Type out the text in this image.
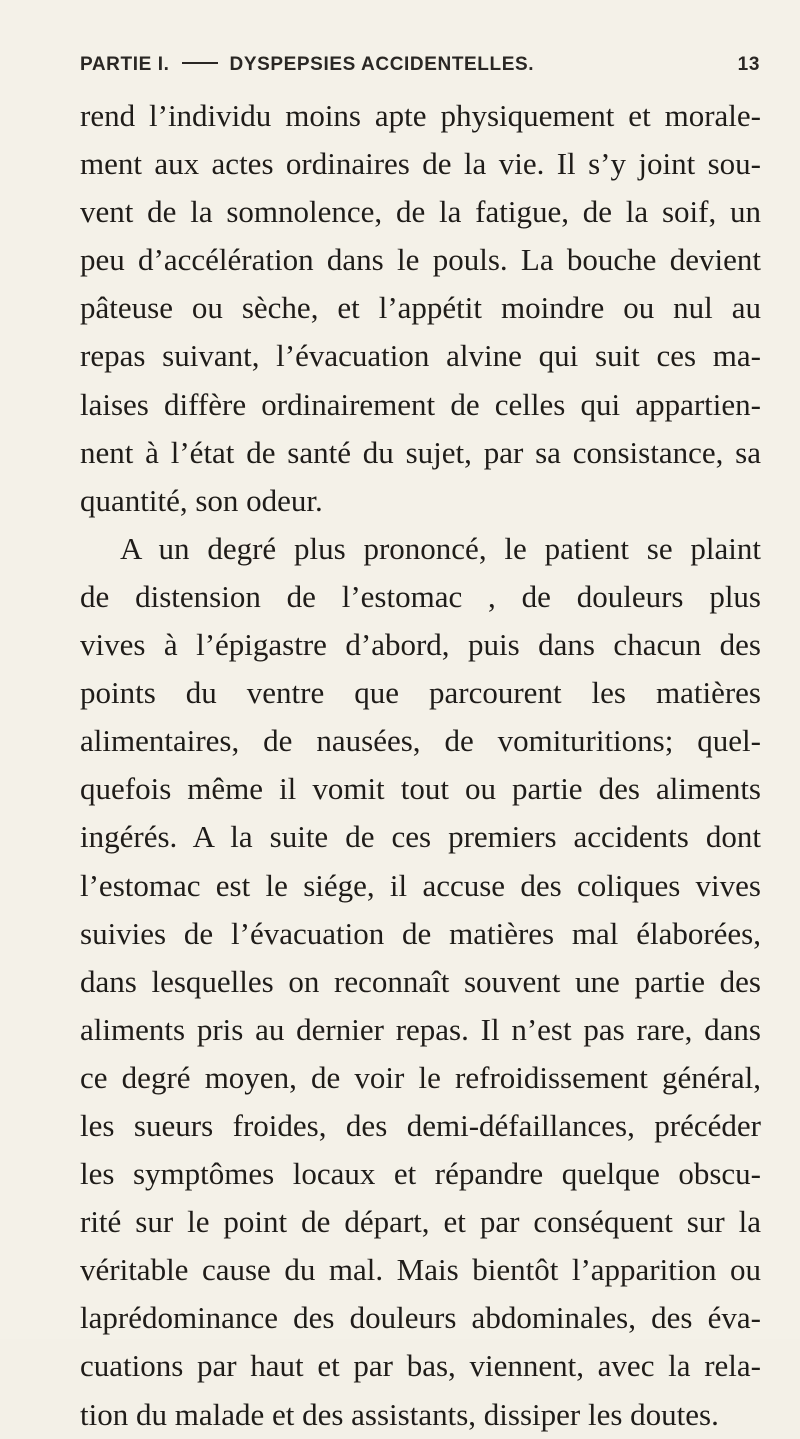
PARTIE I.	DYSPEPSIES ACCIDENTELLES.	13
rend l’individu moins apte physiquement et morale-
ment aux actes ordinaires de la vie. Il s’y joint sou-
vent de la somnolence, de la fatigue, de la soif, un
peu d’accélération dans le pouls. La bouche devient
pâteuse ou sèche, et l’appétit moindre ou nul au
repas suivant, l’évacuation alvine qui suit ces ma-
laises diffère ordinairement de celles qui appartien-
nent à l’état de santé du sujet, par sa consistance, sa
quantité, son odeur.
A un degré plus prononcé, le patient se plaint
de distension de l’estomac , de douleurs plus
vives à l’épigastre d’abord, puis dans chacun des
points du ventre que parcourent les matières
alimentaires, de nausées, de vomituritions; quel-
quefois même il vomit tout ou partie des aliments
ingérés. A la suite de ces premiers accidents dont
l’estomac est le siége, il accuse des coliques vives
suivies de l’évacuation de matières mal élaborées,
dans lesquelles on reconnaît souvent une partie des
aliments pris au dernier repas. Il n’est pas rare, dans
ce degré moyen, de voir le refroidissement général,
les sueurs froides, des demi-défaillances, précéder
les symptômes locaux et répandre quelque obscu-
rité sur le point de départ, et par conséquent sur la
véritable cause du mal. Mais bientôt l’apparition ou
laprédominance des douleurs abdominales, des éva-
cuations par haut et par bas, viennent, avec la rela-
tion du malade et des assistants, dissiper les doutes.
